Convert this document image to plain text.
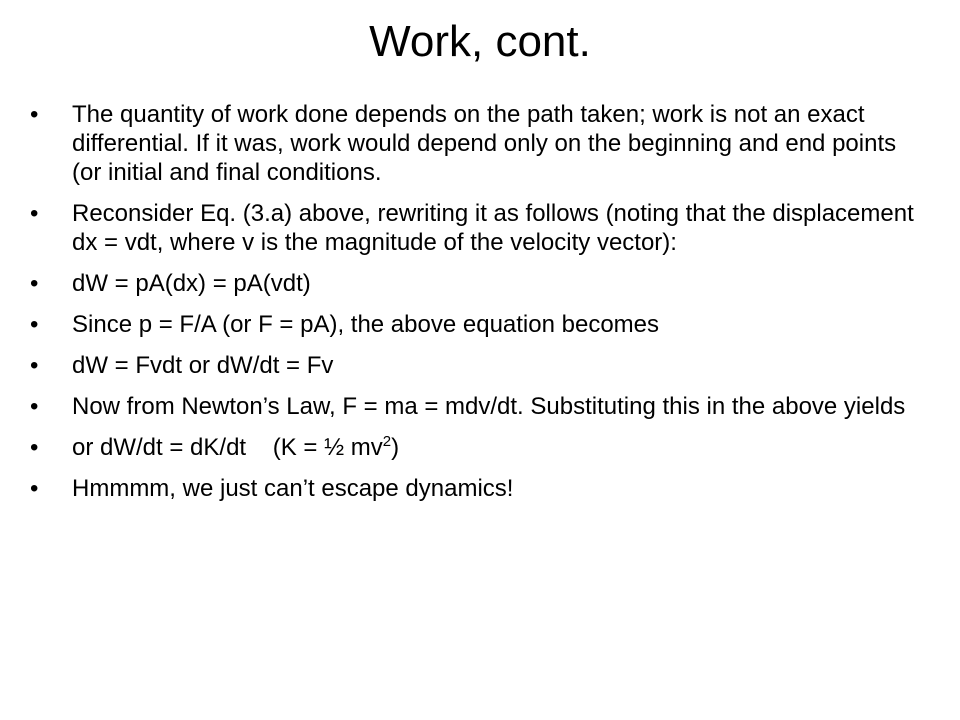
Work, cont.
•	The quantity of work done depends on the path taken; work is not an exact differential. If it was, work would depend only on the beginning and end points (or initial and final conditions.
•	Reconsider Eq. (3.a) above, rewriting it as follows (noting that the displacement dx = vdt, where v is the magnitude of the velocity vector):
•	dW = pA(dx) = pA(vdt)
•	Since p = F/A (or F = pA), the above equation becomes
•	dW = Fvdt or dW/dt = Fv
•	Now from Newton’s Law, F = ma = mdv/dt. Substituting this in the above yields
•	or dW/dt = dK/dt    (K = ½ $mv^2$)
•	Hmmmm, we just can’t escape dynamics!
